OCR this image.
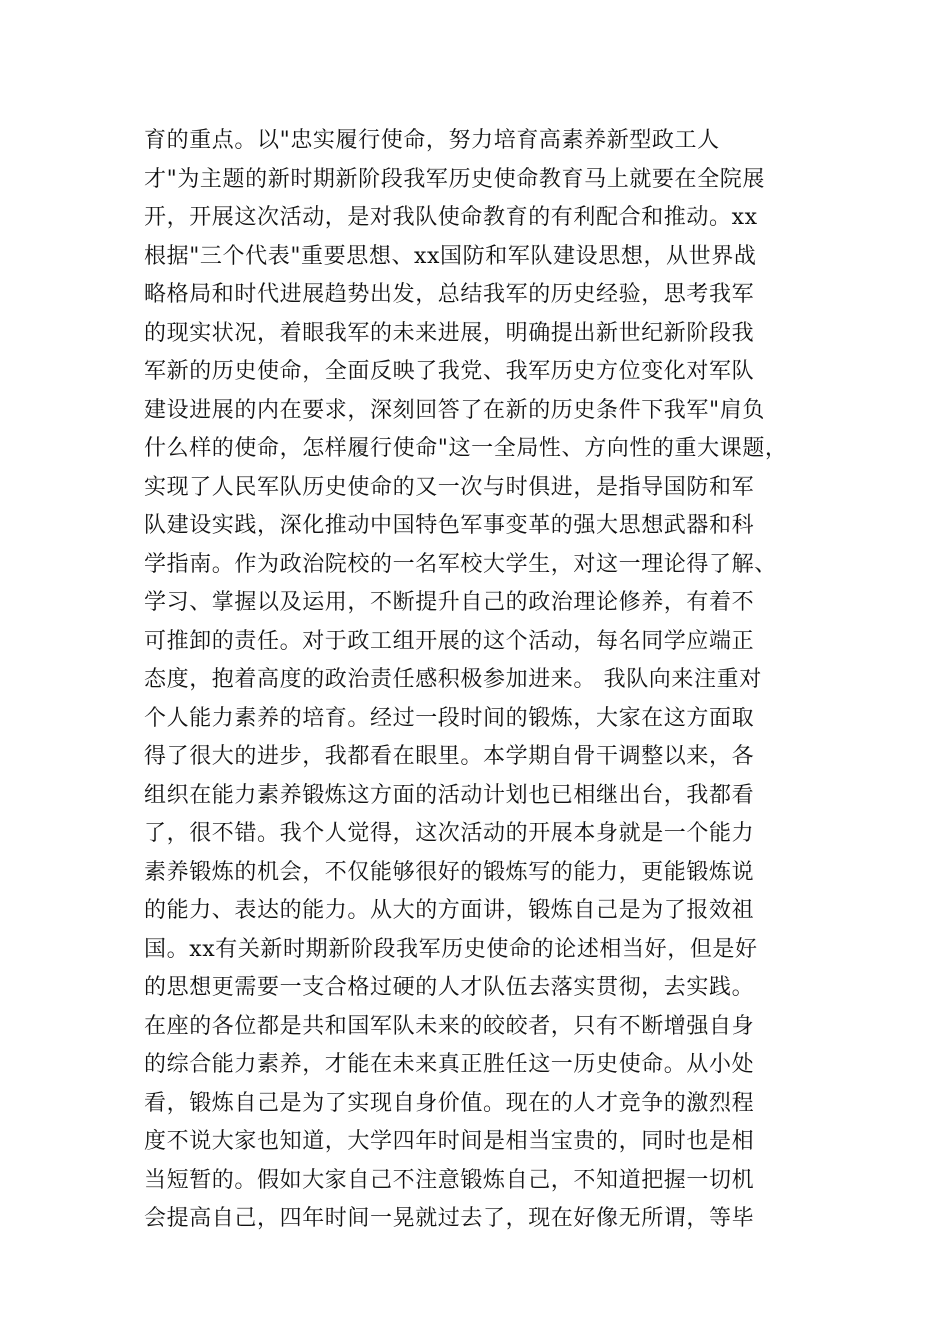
育的重点。以"忠实履行使命，努力培育高素养新型政工人
才"为主题的新时期新阶段我军历史使命教育马上就要在全院展
开，开展这次活动，是对我队使命教育的有利配合和推动。xx
根据"三个代表"重要思想、xx国防和军队建设思想，从世界战
略格局和时代进展趋势出发，总结我军的历史经验，思考我军
的现实状况，着眼我军的未来进展，明确提出新世纪新阶段我
军新的历史使命，全面反映了我党、我军历史方位变化对军队
建设进展的内在要求，深刻回答了在新的历史条件下我军"肩负
什么样的使命，怎样履行使命"这一全局性、方向性的重大课题，
实现了人民军队历史使命的又一次与时俱进，是指导国防和军
队建设实践，深化推动中国特色军事变革的强大思想武器和科
学指南。作为政治院校的一名军校大学生，对这一理论得了解、
学习、掌握以及运用，不断提升自己的政治理论修养，有着不
可推卸的责任。对于政工组开展的这个活动，每名同学应端正
态度，抱着高度的政治责任感积极参加进来。 我队向来注重对
个人能力素养的培育。经过一段时间的锻炼，大家在这方面取
得了很大的进步，我都看在眼里。本学期自骨干调整以来，各
组织在能力素养锻炼这方面的活动计划也已相继出台，我都看
了，很不错。我个人觉得，这次活动的开展本身就是一个能力
素养锻炼的机会，不仅能够很好的锻炼写的能力，更能锻炼说
的能力、表达的能力。从大的方面讲，锻炼自己是为了报效祖
国。xx有关新时期新阶段我军历史使命的论述相当好，但是好
的思想更需要一支合格过硬的人才队伍去落实贯彻，去实践。
在座的各位都是共和国军队未来的皎皎者，只有不断增强自身
的综合能力素养，才能在未来真正胜任这一历史使命。从小处
看，锻炼自己是为了实现自身价值。现在的人才竞争的激烈程
度不说大家也知道，大学四年时间是相当宝贵的，同时也是相
当短暂的。假如大家自己不注意锻炼自己，不知道把握一切机
会提高自己，四年时间一晃就过去了，现在好像无所谓，等毕
